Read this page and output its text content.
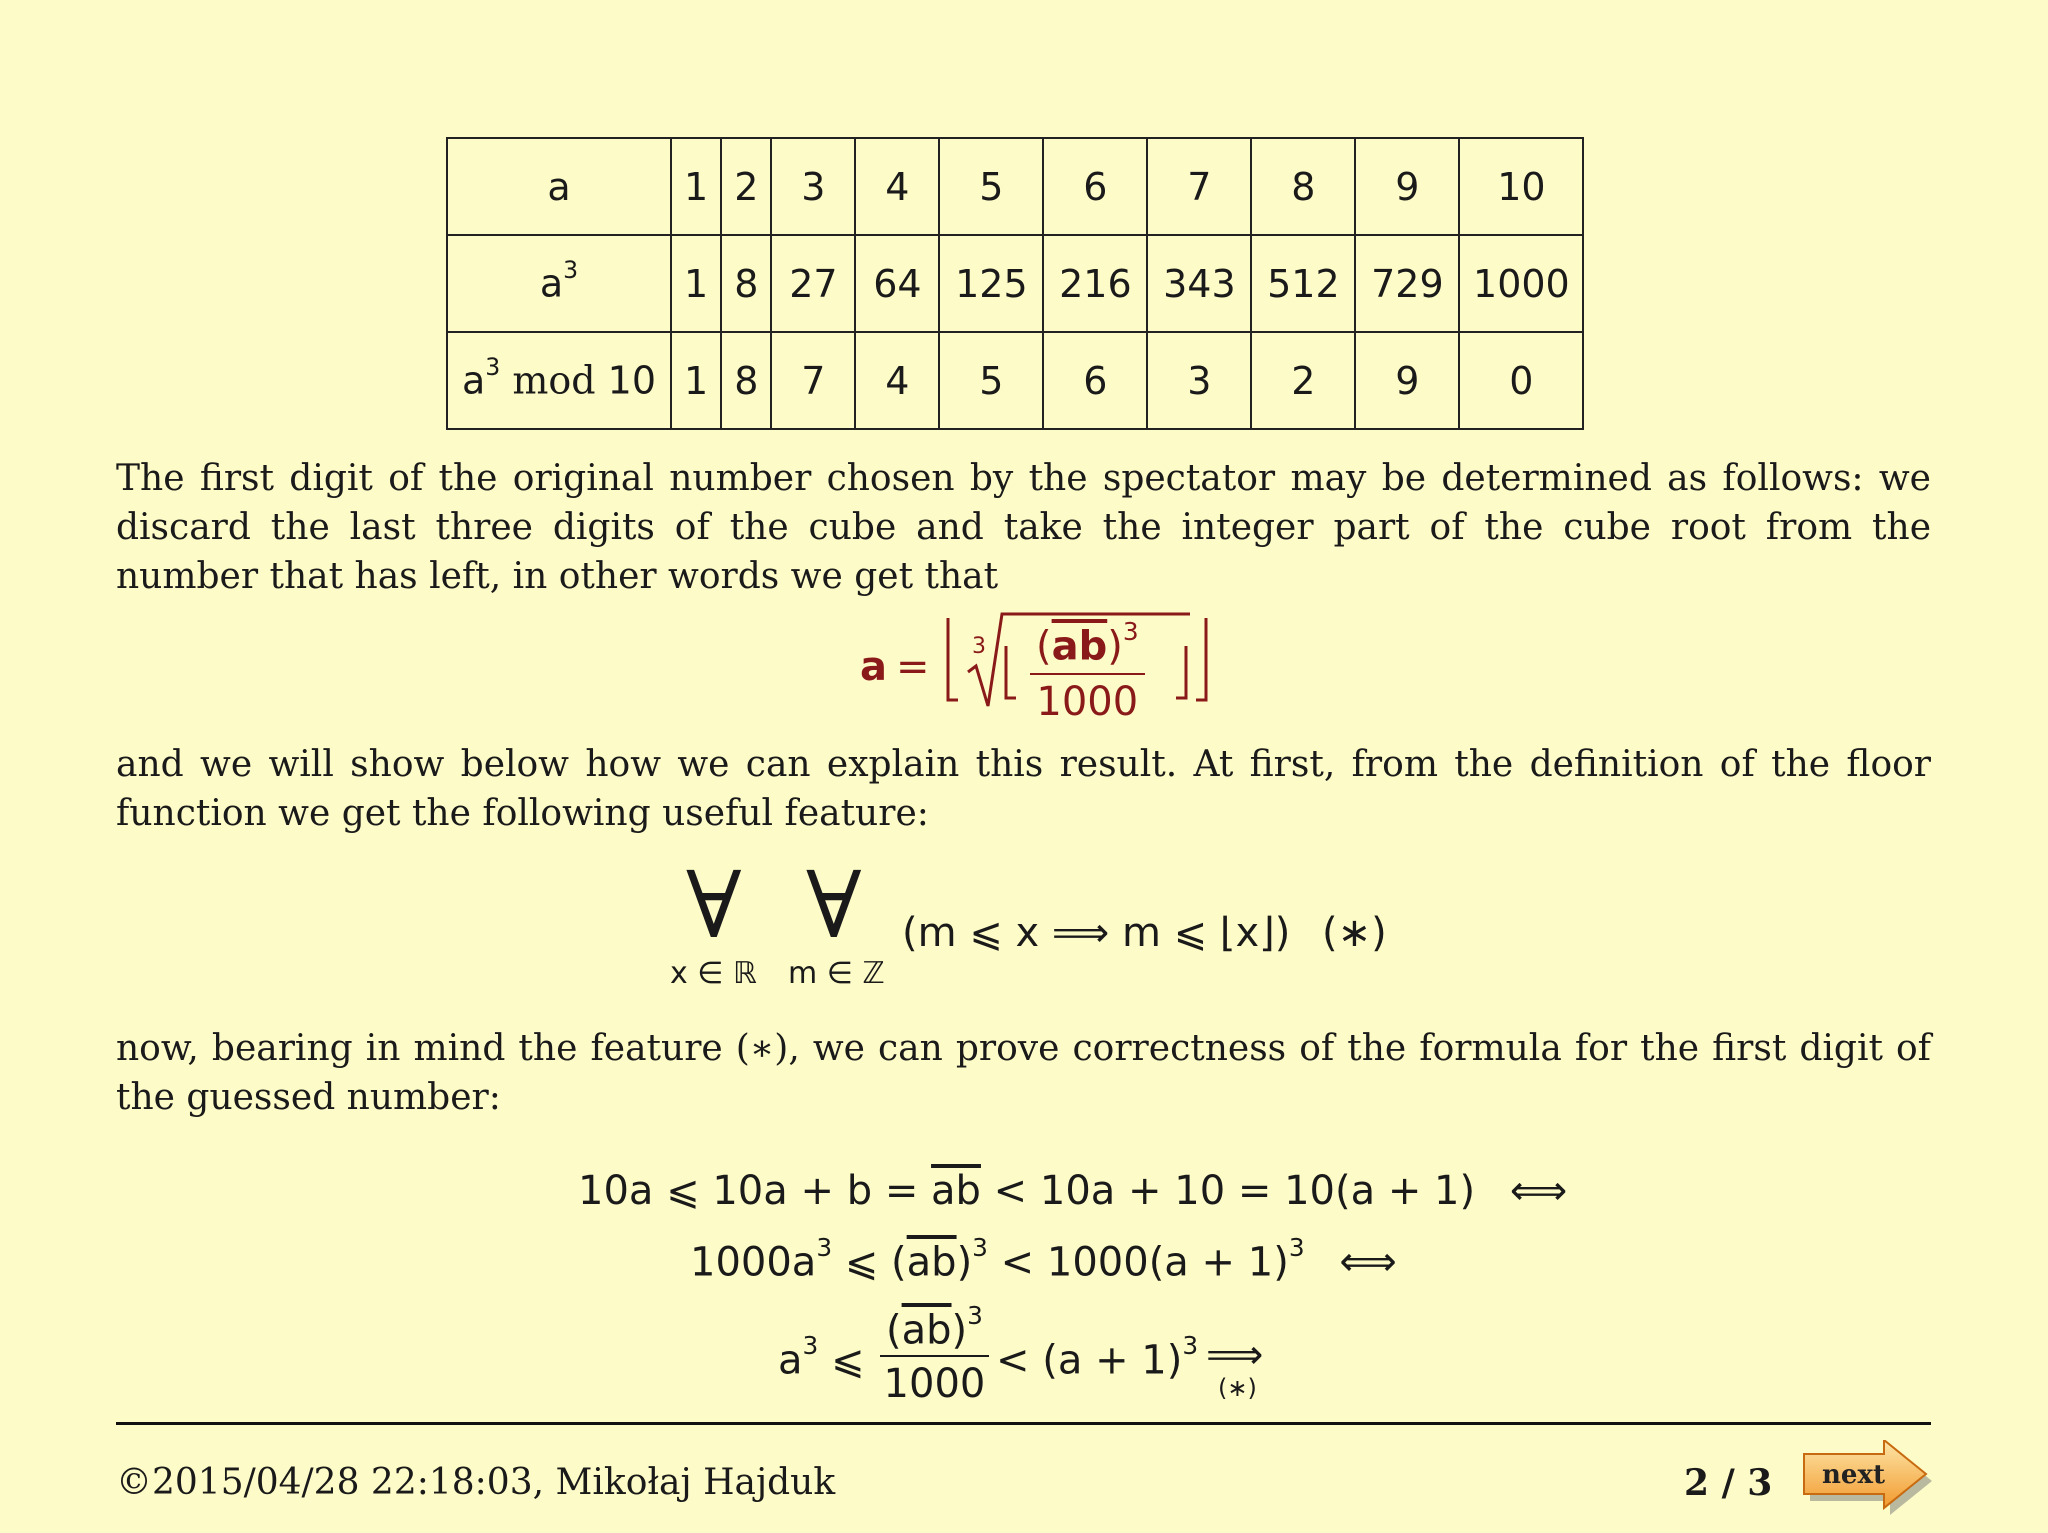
a	1	2	3	4	5	6	7	8	9	10
$a^3$	1	8	27	64	125	216	343	512	729	1000
$a^3$ mod 10	1	8	7	4	5	6	3	2	9	0
The first digit of the original number chosen by the spectator may be determined as follows: we discard the last three digits of the cube and take the integer part of the cube root from the number that has left, in other words we get that
$a = 3 \frac{(\overline{ab})^3}{1000}$
and we will show below how we can explain this result. At first, from the definition of the floor function we get the following useful feature:
∀
x ∈ ℝ
∀
m ∈ ℤ
(m ⩽ x ⟹ m ⩽ ⌊x⌋) (∗)
now, bearing in mind the feature (∗), we can prove correctness of the formula for the first digit of the guessed number:
10a ⩽ $10a + b = \overline{ab} < 10a + 10 = 10(a + 1)$ ⟺
$1000a^3$ ⩽ $(\overline{ab})^3 < 1000(a + 1)^3$ ⟺
$a^3$ ⩽ $\frac{(\overline{ab})^3}{1000} < (a + 1)^3$ ⟹
(∗)
©2015/04/28 22:18:03, Mikołaj Hajduk	2 / 3 next
